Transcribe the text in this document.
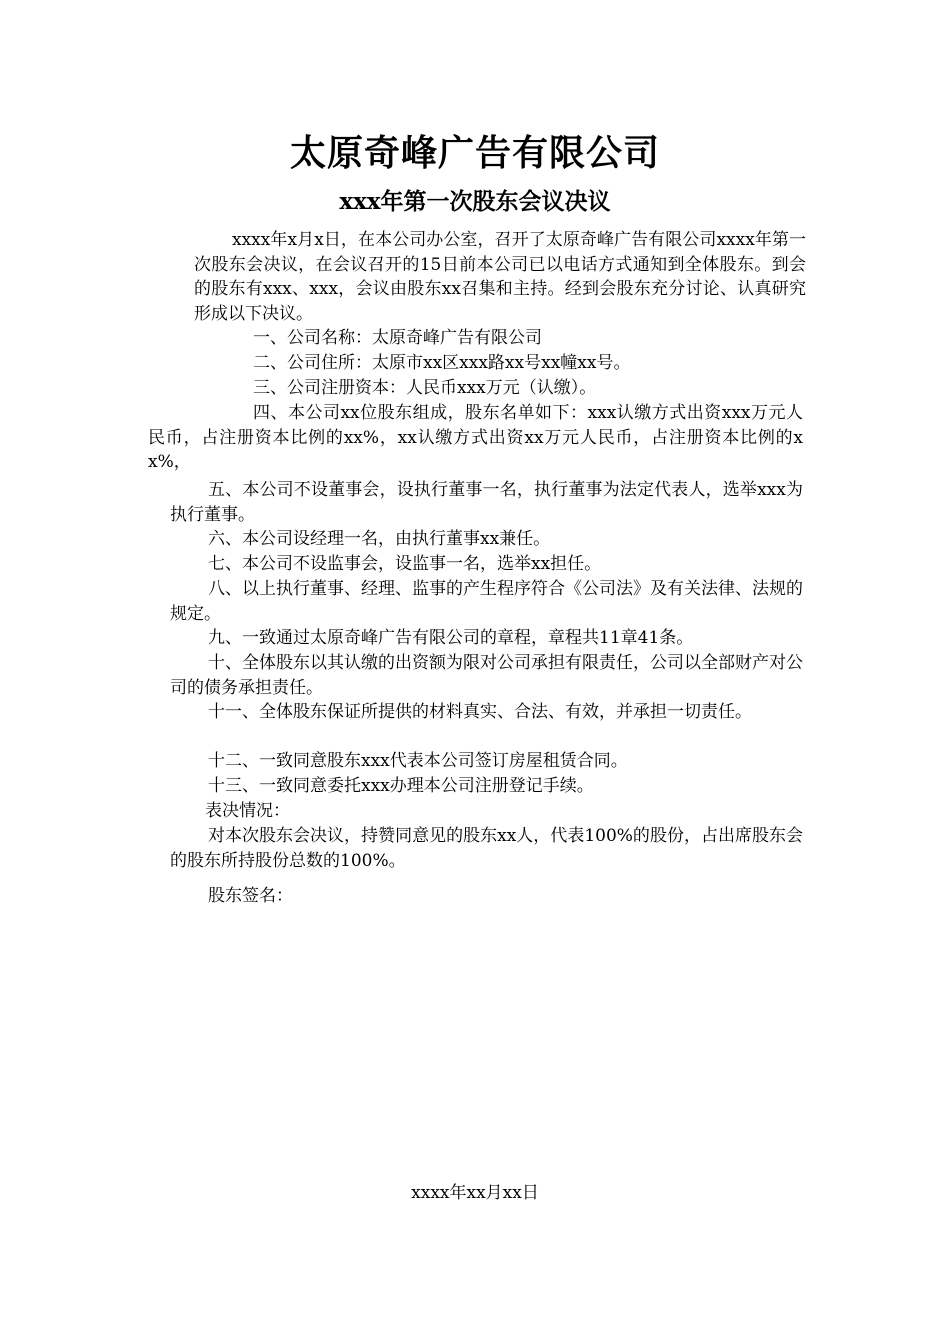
太原奇峰广告有限公司
xxx年第一次股东会议决议

xxxx年x月x日，在本公司办公室，召开了太原奇峰广告有限公司xxxx年第一次股东会决议，在会议召开的15日前本公司已以电话方式通知到全体股东。到会的股东有xxx、xxx，会议由股东xx召集和主持。经到会股东充分讨论、认真研究形成以下决议。

一、公司名称：太原奇峰广告有限公司

二、公司住所：太原市xx区xxx路xx号xx幢xx号。

三、公司注册资本：人民币xxx万元（认缴）。

四、本公司xx位股东组成，股东名单如下：xxx认缴方式出资xxx万元人民币，占注册资本比例的xx%，xx认缴方式出资xx万元人民币，占注册资本比例的xx%，

五、本公司不设董事会，设执行董事一名，执行董事为法定代表人，选举xxx为执行董事。

六、本公司设经理一名，由执行董事xx兼任。

七、本公司不设监事会，设监事一名，选举xx担任。

八、以上执行董事、经理、监事的产生程序符合《公司法》及有关法律、法规的规定。

九、一致通过太原奇峰广告有限公司的章程，章程共11章41条。

十、全体股东以其认缴的出资额为限对公司承担有限责任，公司以全部财产对公司的债务承担责任。

十一、全体股东保证所提供的材料真实、合法、有效，并承担一切责任。

十二、一致同意股东xxx代表本公司签订房屋租赁合同。

十三、一致同意委托xxx办理本公司注册登记手续。

表决情况：

对本次股东会决议，持赞同意见的股东xx人，代表100%的股份，占出席股东会的股东所持股份总数的100%。

股东签名：

xxxx年xx月xx日
